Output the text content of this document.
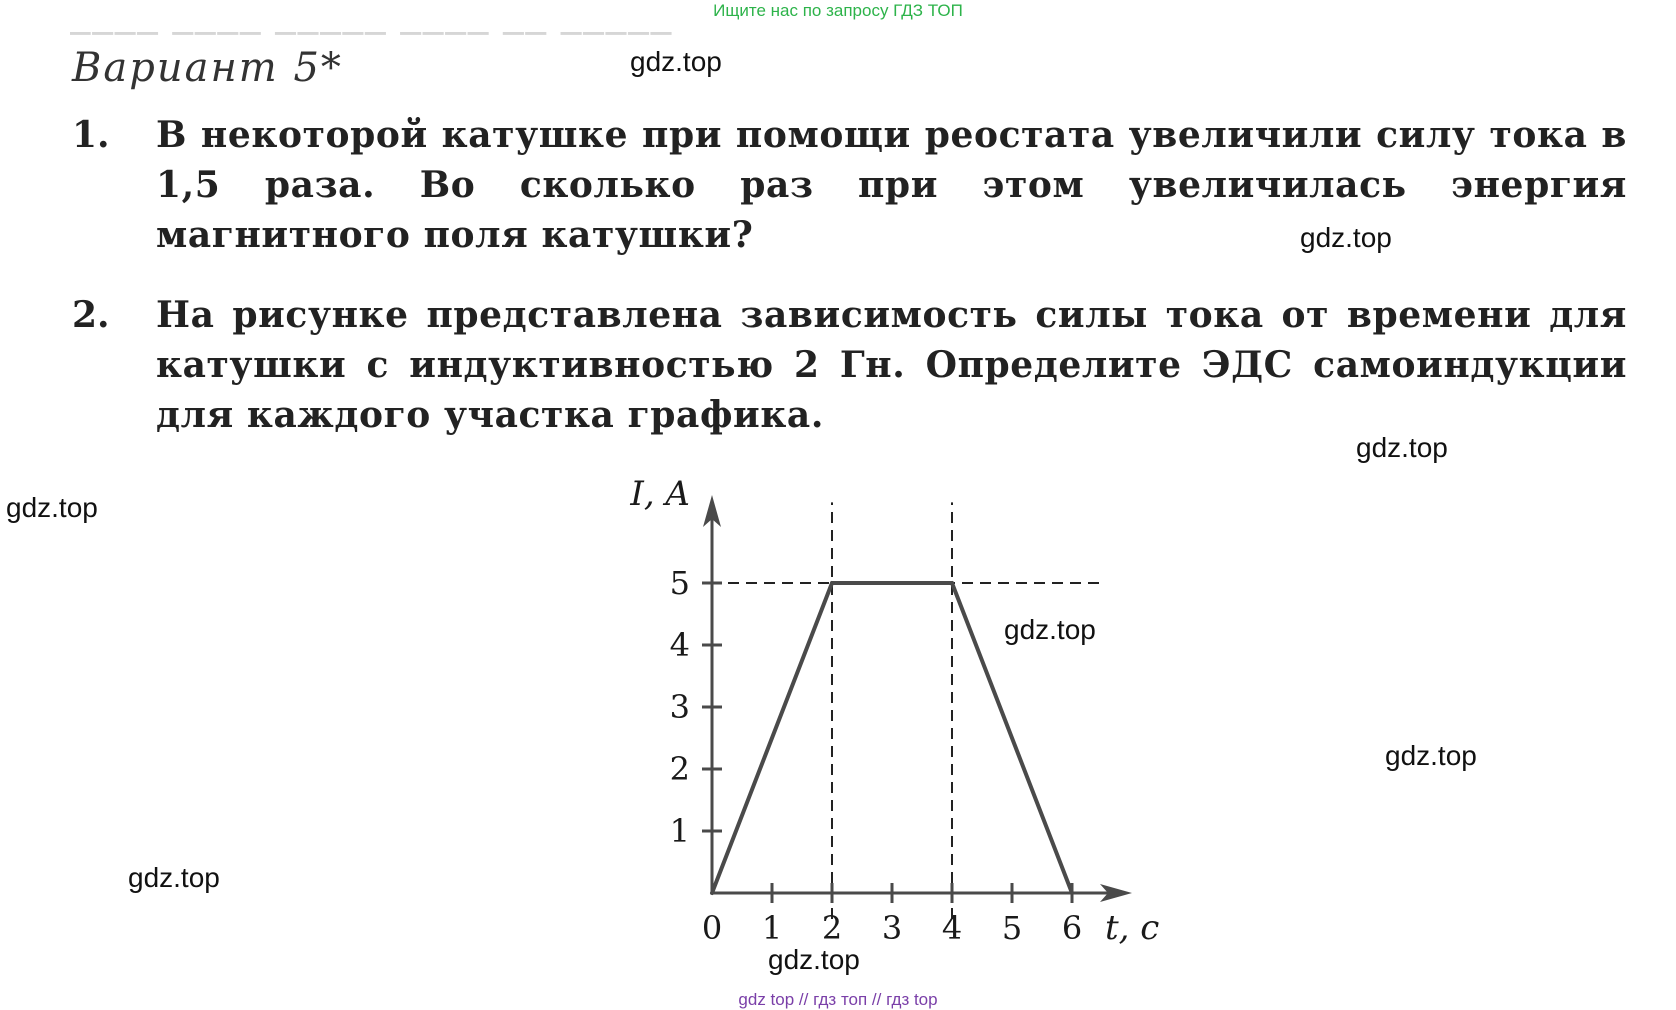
──── ──── ───── ──── ── ─────
Ищите нас по запросу ГДЗ ТОП
Вариант 5*
1.	В некоторой катушке при помощи реостата увеличили силу тока в 1,5 раза. Во сколько раз при этом увеличилась энергия магнитного поля катушки?
2.	На рисунке представлена зависимость силы тока от времени для катушки с индуктивностью 2 Гн. Определите ЭДС самоиндукции для каждого участка графика.
0 1 2 3 4 5 6
1
2
3
4
5
I, A
t, c
gdz.top
gdz.top
gdz.top
gdz.top
gdz.top
gdz.top
gdz.top
gdz.top
gdz top // гдз топ // гдз top
